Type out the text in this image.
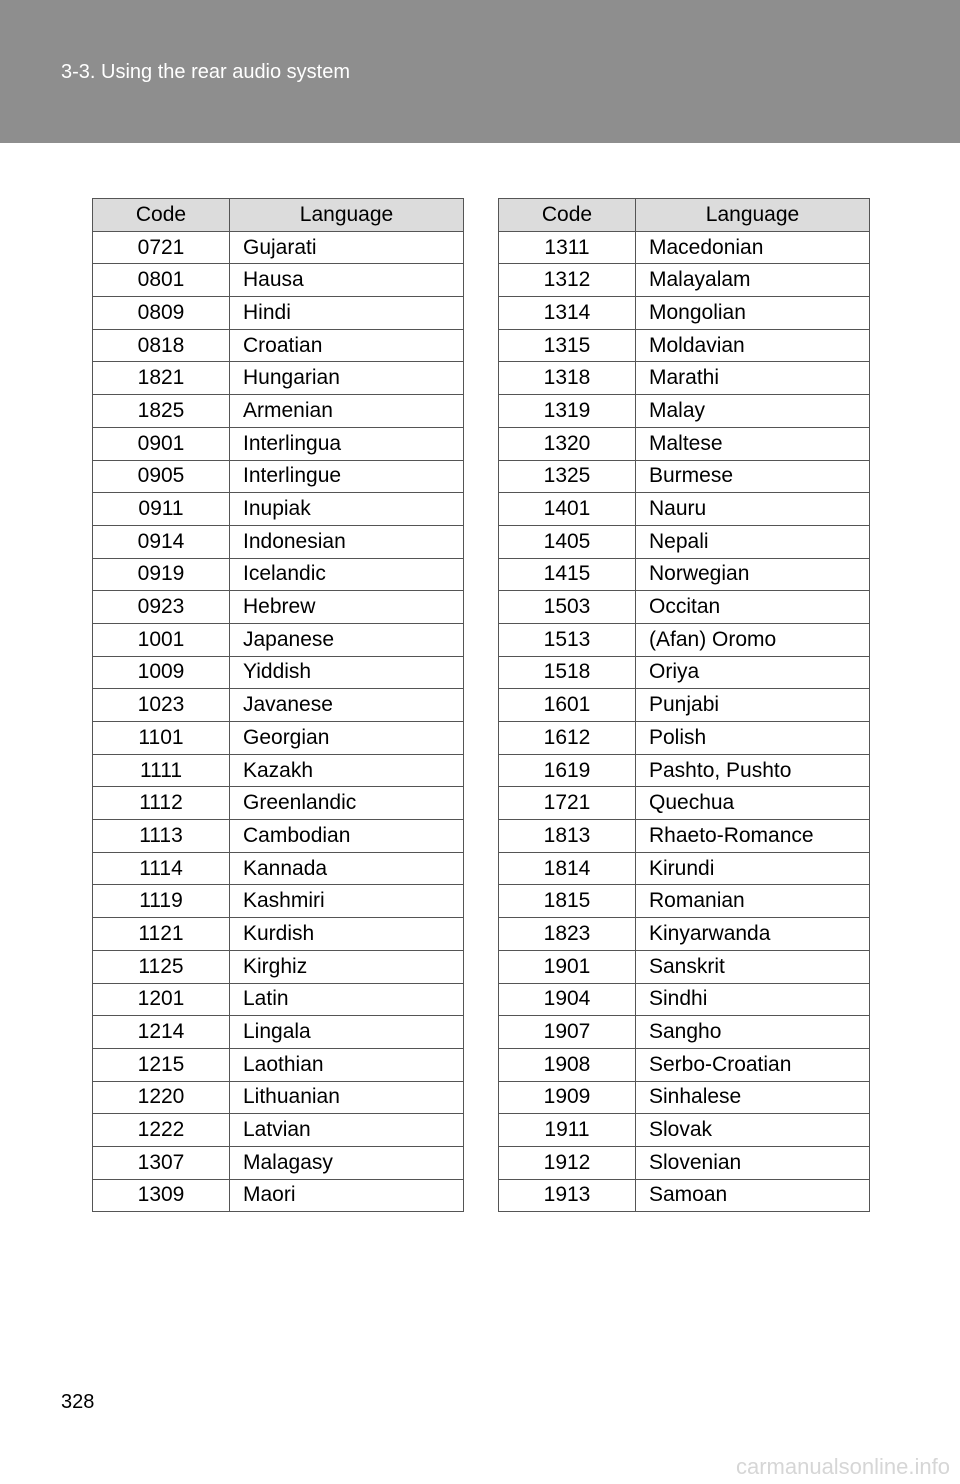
3-3. Using the rear audio system
Code	Language
0721	Gujarati
0801	Hausa
0809	Hindi
0818	Croatian
1821	Hungarian
1825	Armenian
0901	Interlingua
0905	Interlingue
0911	Inupiak
0914	Indonesian
0919	Icelandic
0923	Hebrew
1001	Japanese
1009	Yiddish
1023	Javanese
1101	Georgian
1111	Kazakh
1112	Greenlandic
1113	Cambodian
1114	Kannada
1119	Kashmiri
1121	Kurdish
1125	Kirghiz
1201	Latin
1214	Lingala
1215	Laothian
1220	Lithuanian
1222	Latvian
1307	Malagasy
1309	Maori
Code	Language
1311	Macedonian
1312	Malayalam
1314	Mongolian
1315	Moldavian
1318	Marathi
1319	Malay
1320	Maltese
1325	Burmese
1401	Nauru
1405	Nepali
1415	Norwegian
1503	Occitan
1513	(Afan) Oromo
1518	Oriya
1601	Punjabi
1612	Polish
1619	Pashto, Pushto
1721	Quechua
1813	Rhaeto-Romance
1814	Kirundi
1815	Romanian
1823	Kinyarwanda
1901	Sanskrit
1904	Sindhi
1907	Sangho
1908	Serbo-Croatian
1909	Sinhalese
1911	Slovak
1912	Slovenian
1913	Samoan
328
carmanualsonline.info
